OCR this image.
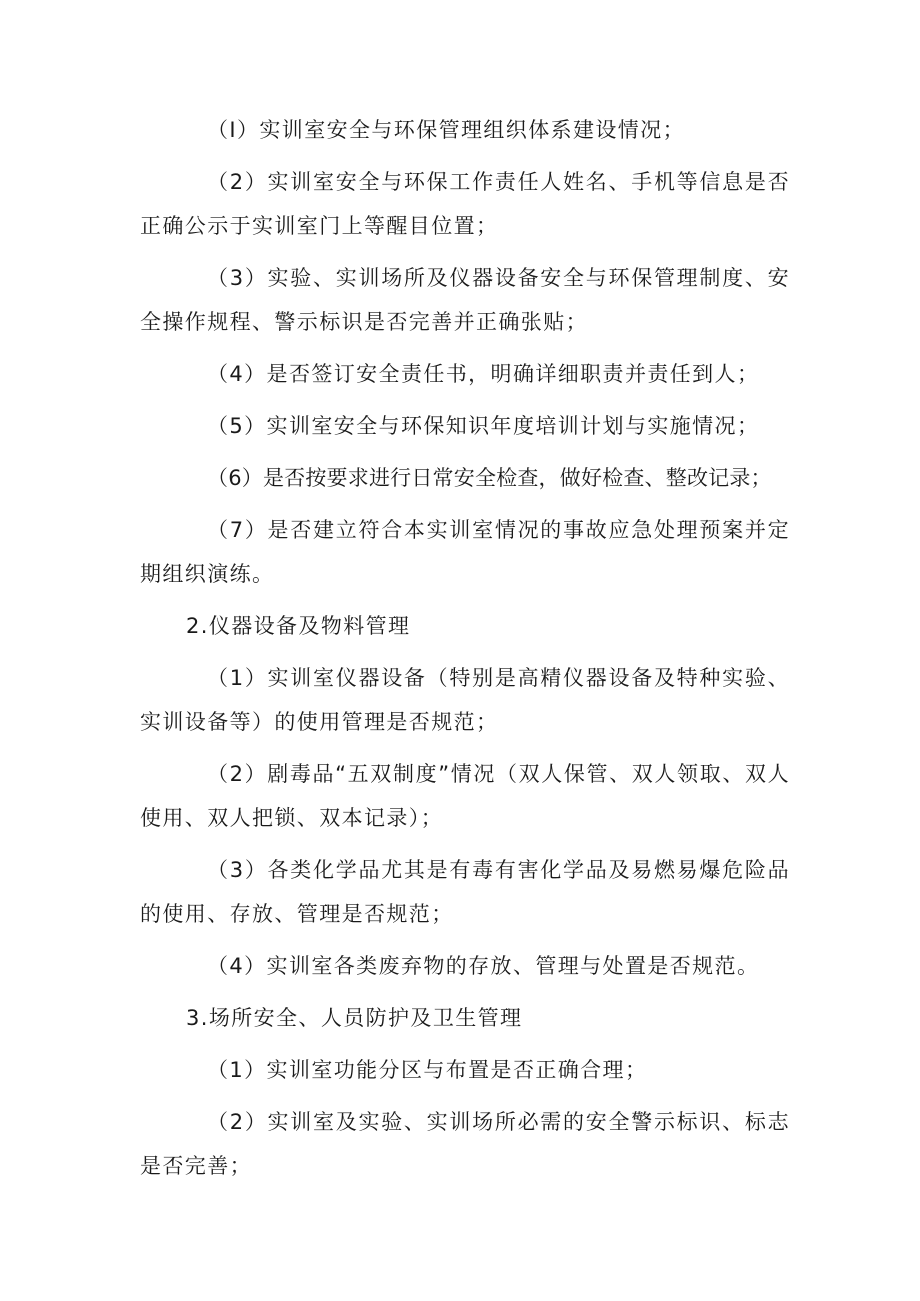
（I）实训室安全与环保管理组织体系建设情况；

（2）实训室安全与环保工作责任人姓名、手机等信息是否正确公示于实训室门上等醒目位置；

（3）实验、实训场所及仪器设备安全与环保管理制度、安全操作规程、警示标识是否完善并正确张贴；

（4）是否签订安全责任书，明确详细职责并责任到人；

（5）实训室安全与环保知识年度培训计划与实施情况；

（6）是否按要求进行日常安全检查，做好检查、整改记录；

（7）是否建立符合本实训室情况的事故应急处理预案并定期组织演练。

2.仪器设备及物料管理

（1）实训室仪器设备（特别是高精仪器设备及特种实验、实训设备等）的使用管理是否规范；

（2）剧毒品“五双制度”情况（双人保管、双人领取、双人使用、双人把锁、双本记录）；

（3）各类化学品尤其是有毒有害化学品及易燃易爆危险品的使用、存放、管理是否规范；

（4）实训室各类废弃物的存放、管理与处置是否规范。

3.场所安全、人员防护及卫生管理

（1）实训室功能分区与布置是否正确合理；

（2）实训室及实验、实训场所必需的安全警示标识、标志是否完善；
